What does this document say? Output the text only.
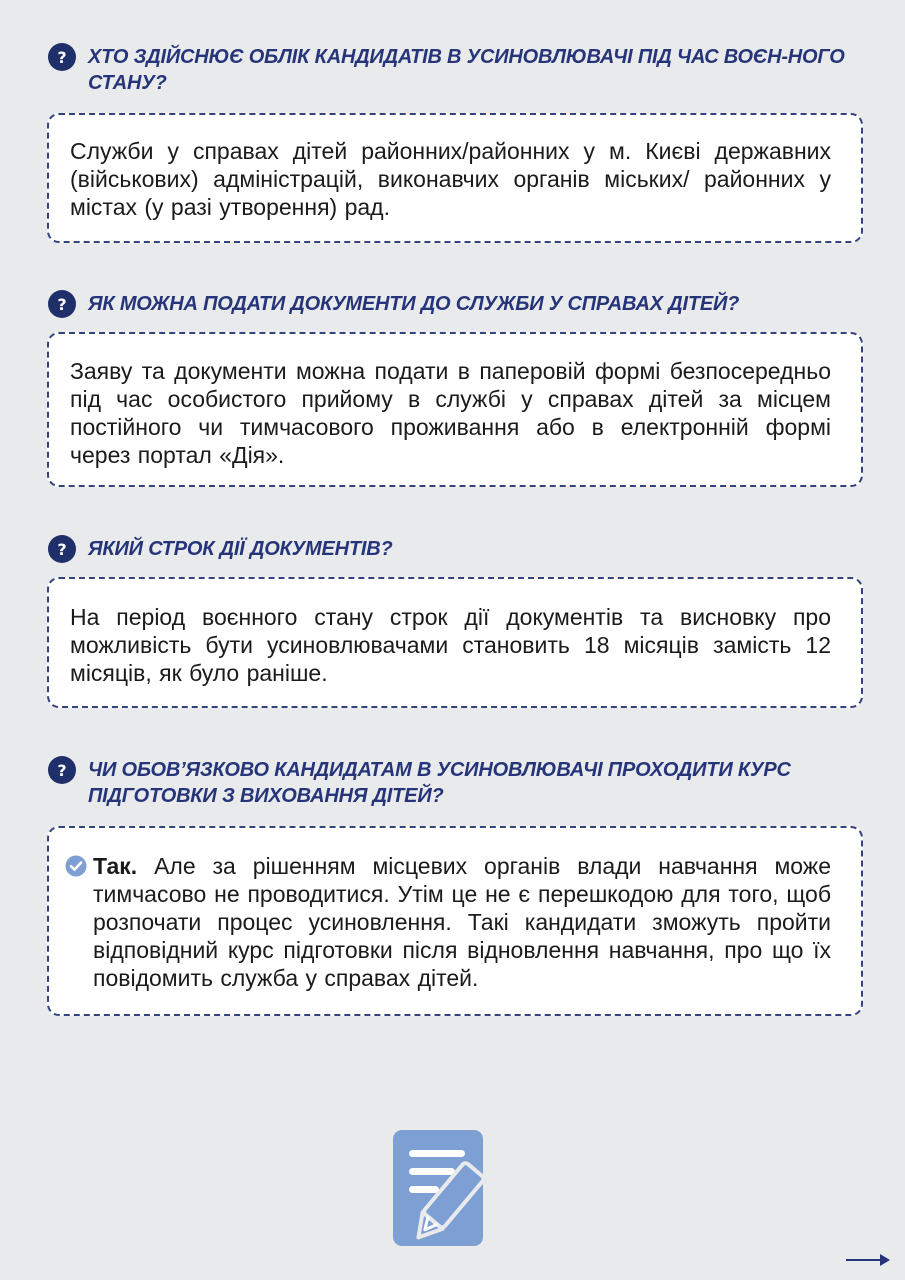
?	ХТО ЗДІЙСНЮЄ ОБЛІК КАНДИДАТІВ В УСИНОВЛЮВАЧІ ПІД ЧАС ВОЄН-НОГО СТАНУ?

Служби у справах дітей районних/районних у м. Києві державних (військових) адміністрацій, виконавчих органів міських/ районних у містах (у разі утворення) рад.

?	ЯК МОЖНА ПОДАТИ ДОКУМЕНТИ ДО СЛУЖБИ У СПРАВАХ ДІТЕЙ?

Заяву та документи можна подати в паперовій формі безпосередньо під час особистого прийому в службі у справах дітей за місцем постійного чи тимчасового проживання або в електронній формі через портал «Дія».

?	ЯКИЙ СТРОК ДІЇ ДОКУМЕНТІВ?

На період воєнного стану строк дії документів та висновку про можливість бути усиновлювачами становить 18 місяців замість 12 місяців, як було раніше.

?	ЧИ ОБОВ’ЯЗКОВО КАНДИДАТАМ В УСИНОВЛЮВАЧІ ПРОХОДИТИ КУРС ПІДГОТОВКИ З ВИХОВАННЯ ДІТЕЙ?

Так. Але за рішенням місцевих органів влади навчання може тимчасово не проводитися. Утім це не є перешкодою для того, щоб розпочати процес усиновлення. Такі кандидати зможуть пройти відповідний курс підготовки після відновлення навчання, про що їх повідомить служба у справах дітей.
